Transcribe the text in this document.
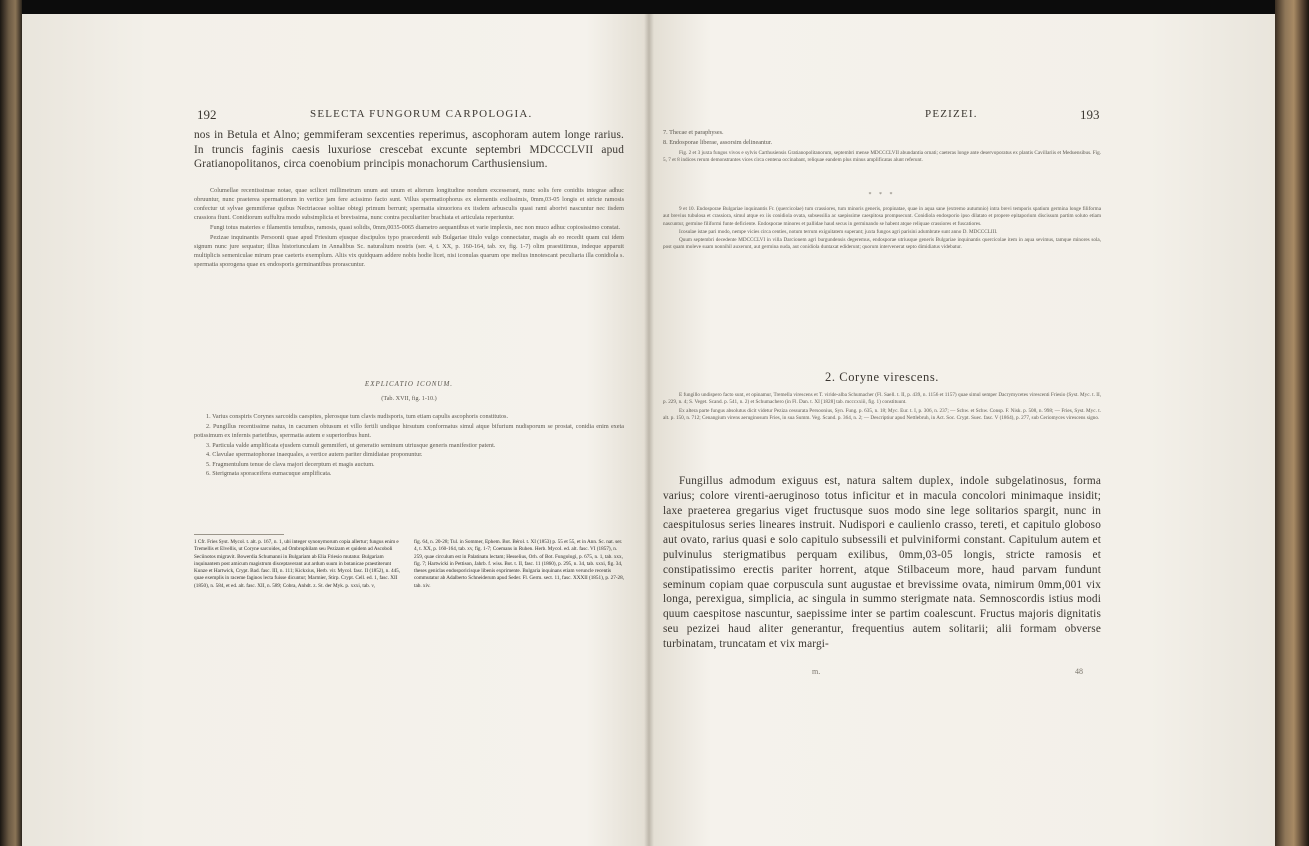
192	SELECTA FUNGORUM CARPOLOGIA.

nos in Betula et Alno; gemmiferam sexcenties reperimus, ascophoram autem longe rarius. In truncis faginis caesis luxuriose crescebat excunte septembri MDCCCLVII apud Gratianopolitanos, circa coenobium principis monachorum Carthusiensium.

Columellae recentissimae notae, quae scilicet millimetrum unum aut unum et alterum longitudine nondum excesserant, nunc solis fere conidiis integrae adhuc obruuntur, nunc praeterea spermatiorum in vertice jam fere acissimo facto sunt. Villus spermatiophorus ex elementis exilissimis, 0mm,03-05 longis et stricte ramosis confectur ut sylvae gemmiferae quibus Nectriaceae solitae obtegi primum berrunt; spermatia sinuoriora ex iisdem arbusculis quasi rami aborivi nascuntur nec iisdem crassiora fiunt. Conidiorum suffultra modo subsimplicia et brevissima, nunc contra peculiariter brachiata et articulata reperiuntur.

Fungi totus materies e filamentis tenuibus, ramosis, quasi solidis, 0mm,0035-0065 diametro aequantibus et varie implexis, nec non muco adhuc copiosissimo constat.

Pezizae inquinantis Persoonii quae apud Friesium ejusque discipulos typo praecedenti sub Bulgariae titulo vulgo connectatur, magis ab eo recedit quam cui idem signum nunc jure sequatur; illius historiunculam in Annalibus Sc. naturalium nostris (ser. 4, t. XX, p. 160-164, tab. xv, fig. 1-7) olim praestitimus, indeque apparuit multiplicis semeniculae mirum prae caeteris exemplum. Aliis vix quidquam addere nobis hodie licet, nisi iconulas quarum ope melius innotescant peculiaria illa conidiola s. spermatia sporogena quae ex endosporis germinantibus prorascuntur.

EXPLICATIO ICONUM.
(Tab. XVII, fig. 1-10.)

1. Varius conspiris Corynes sarcoidis caespites, plerosque tum clavis nudisporis, tum etiam capulis ascophoris constitutos.

2. Pungillus recentissime natus, in cacumen obtusum et villo fertili undique hirsutum conformatus simul atque bifurium nudisporum se prostat, conidia enim exeta potissimum ex infernis parietibus, spermatia autem e superioribus hunt.

3. Particula valde amplificata ejusdem cumuli gemmiferi, ut generatio seminum utriusque generis manifestior patent.

4. Clavulae spermatophorae inaequales, a vertice autem pariter dimidiatae proponuntur.

5. Fragmentulum tenue de clava majori decerptum et magis auctum.

6. Sterigmata sporaceifera eumacuque amplificata.

1 Cfr. Fries Syst. Mycol. t. alt. p. 167, n. 1, ubi integer synonymorum copia allertur; fungus enim e Tremellis et Elvellis, ut Coryne sarcoides, ad Ombrophilam seu Pezizam et quidem ad Ascoboli Seciinotos migravit. Bowerdia Schumanni in Bulgariam ab Elia Friesio mutatur. Bulgariam inquinantem post amicum magistrum disceptaverant aut ardum suum in botanicae praestiterunt Kunze et Hartwick, Crypt. Bad. fasc. III, n. 111; Kickxius, Herb. vir. Mycol. fasc. II (1852), n. 445, quae exemplis in raceme faginos lecta fuisse dicuntur; Marmier, Stirp. Crypt. Cell. ed. 1, fasc. XII (1850), n. 584, et ed. alt. fasc. XII, n. 589; Cobra, Anhdt. z. St. der Myk. p. xxxi, tab. v,
fig. 64, n. 20-28; Tul. in Sommer, Ephem. Bot. Bérol. t. XI (1853) p. 55 et 55, et in Ann. Sc. nat. ser. 4, t. XX, p. 160-164, tab. xv, fig. 1-7; Coemans in Ruhen. Herb. Mycol. ed. alt. fasc. VI (1857), n. 259, quae circulum est in Palatinatu lectam; Hesselius, Orh. of Bot. Fungologi, p. 675, n. 1, tab. xxx, fig. 7; Hartwicki in Pettison, Jahrb. f. wiss. Bot. t. II, fasc. 11 (1860), p. 295, n. 34, tab. xxxi, fig. 34, theses geniclas endosporicisque libenis exprimente. Bulgaria inquinans etiam veruncle recentis commutatur ab Adalberto Schneiderum apud Seder. Fl. Germ. sect. 11, fasc. XXXII (1851), p. 27-28, tab. xiv.
PEZIZEI.	193

7. Thecae et paraphyses.

8. Endosporae liberae, assorsim delineantur.

Fig. 2 et 3 juxta fungos vivos e sylvis Carthusiensis Gratianopolitanorum, septembri mense MDCCCLVII abundantia ornati; caeteras longe ante deservoporatus ex plantis Cavillariis et Meduensibus. Fig. 5, 7 et 8 indices rerum demonstrantes vices circa centena occinabant, reliquae eandem plus minus amplificatas alunt referunt.

* * *

9 et 10. Endosporae Bulgariae inquinantis Fr. (quercicolae) tum crassiores, tum minoris generis, propinatae, quae in aqua sane (extremo autumnio) intra brevi temporis spatium germina longe filiforma aut brevius tubulosa et crassiora, simul atque ex iis conidiola ovata, subsessilia ac saepissime caespitosa prompsecunt. Conidiola endosporio ipso dilatato et propere epitaporium discissum partim soluto etiam nascuntur, germine filiformi funte deficiente. Endosporae minores et pallidae haud secus in germinando se habent atque reliquae crassiores et fuscatiores.

Icosulae istae pari modo, nempe vicies circa centies, notum terrum exiguitatem superant; juxta fungos agri parisini adumbrate sunt anno D. MDCCCLIII.

Quum septembri decedente MDCCCLVI in villa Darcionem agri burgundensis degeremus, endosporae utriusque generis Bulgariae inquinantis quercicolae item in aqua sevimus, tamque minores sola, post quam moleve suam nonnihil auxerunt, aut germina nuda, aut conidiola duntaxat ediderunt; quorum intervenerat septo dimidiatus videbatur.

2. Coryne virescens.

E fungillo undispero facto sunt, et opinamur, Tremella virescens et T. viride-alba Schumacher (Fl. Saell. t. II, p. 439, n. 1156 et 1157) quae simul semper Dacrymycetes virescenti Friesio (Syst. Myc. t. II, p. 229, n. 4; S. Veget. Scand. p. 541, n. 2) et Schumachero (in Fl. Dan. t. XI [1828] tab. mcccxxiii, fig. 1) constituunt.

Ex altera parte fungus absolutus dicit videtur Peziza cessurata Persoonius, Syn. Fung. p. 635, n. 18; Myc. Eur. t. I, p. 306, n. 237; — Schw. et Schw. Consp. F. Nisk. p. 508, n. 998; — Fries, Syst. Myc. t. alt. p. 150, n. 712; Cenangium virens aeruginosum Fries, in sua Summ. Veg. Scand. p. 364, n. 2; — Descriptiur apud Nettlebruh, in Act. Soc. Crypt. Suec. fasc. V (1864), p. 277, sub Ceriomyces virescens signo.

Fungillus admodum exiguus est, natura saltem duplex, indole subgelatinosus, forma varius; colore virenti-aeruginoso totus inficitur et in macula concolori minimaque insidit; laxe praeterea gregarius viget fructusque suos modo sine lege solitarios spargit, nunc in caespitulosus series lineares instruit. Nudispori e caulienlo crasso, tereti, et capitulo globoso aut ovato, rarius quasi e solo capitulo subsessili et pulviniformi constant. Capitulum autem et pulvinulus sterigmatibus perquam exilibus, 0mm,03-05 longis, stricte ramosis et constipatissimo erectis pariter horrent, atque Stilbaceum more, haud parvam fundunt seminum copiam quae corpuscula sunt augustae et brevissime ovata, nimirum 0mm,001 vix longa, perexigua, simplicia, ac singula in summo sterigmate nata. Semnoscordis istius modi quum caespitose nascuntur, saepissime inter se partim coalescunt. Fructus majoris dignitatis seu pezizei haud aliter generantur, frequentius autem solitarii; alii formam obverse turbinatam, truncatam et vix margi-

m.	48
